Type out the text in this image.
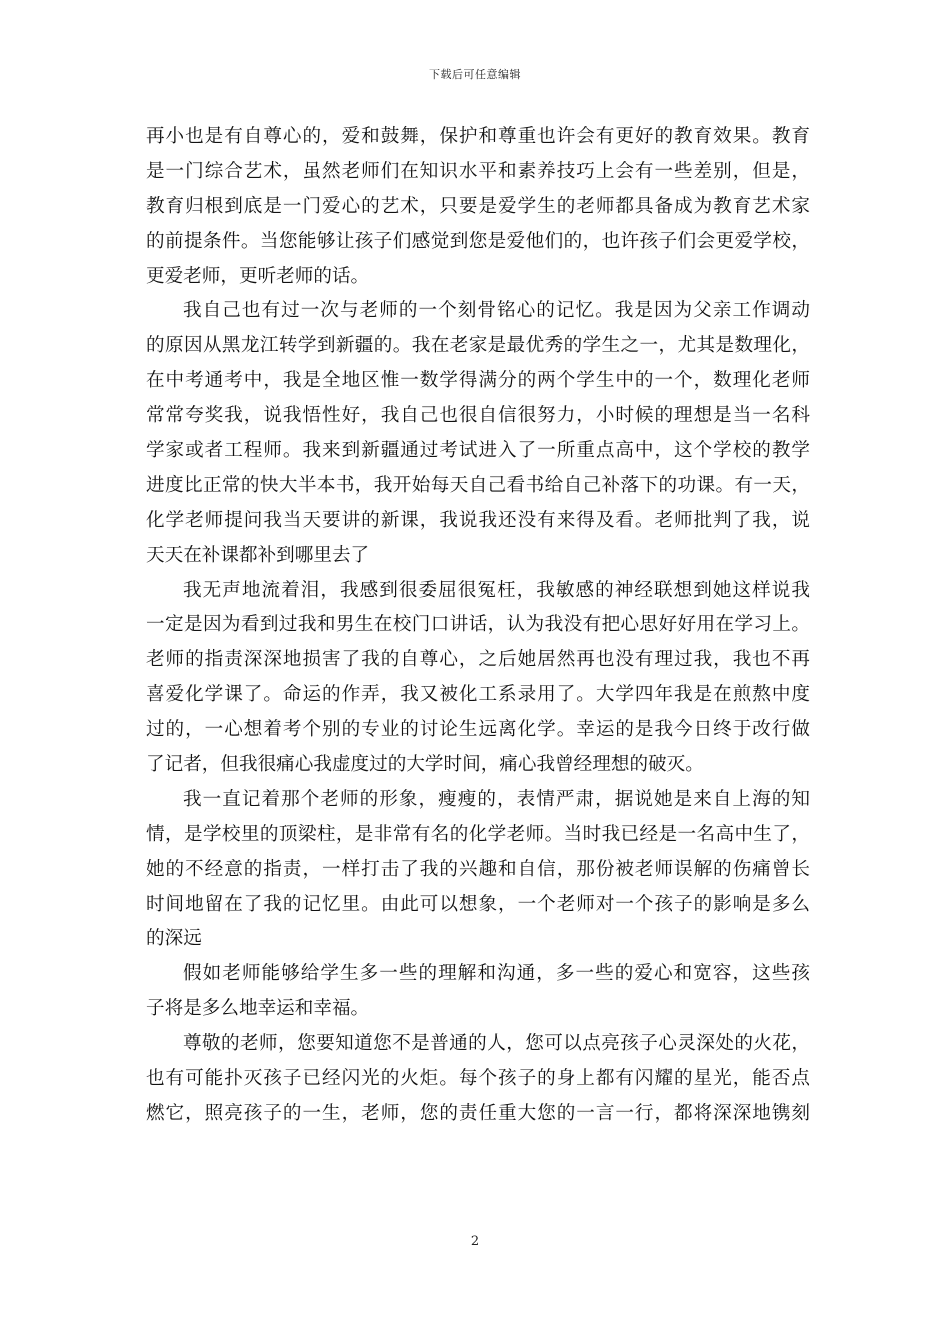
下载后可任意编辑
再小也是有自尊心的，爱和鼓舞，保护和尊重也许会有更好的教育效果。教育
是一门综合艺术，虽然老师们在知识水平和素养技巧上会有一些差别，但是，
教育归根到底是一门爱心的艺术，只要是爱学生的老师都具备成为教育艺术家
的前提条件。当您能够让孩子们感觉到您是爱他们的，也许孩子们会更爱学校，
更爱老师，更听老师的话。
我自己也有过一次与老师的一个刻骨铭心的记忆。我是因为父亲工作调动
的原因从黑龙江转学到新疆的。我在老家是最优秀的学生之一，尤其是数理化，
在中考通考中，我是全地区惟一数学得满分的两个学生中的一个，数理化老师
常常夸奖我，说我悟性好，我自己也很自信很努力，小时候的理想是当一名科
学家或者工程师。我来到新疆通过考试进入了一所重点高中，这个学校的教学
进度比正常的快大半本书，我开始每天自己看书给自己补落下的功课。有一天，
化学老师提问我当天要讲的新课，我说我还没有来得及看。老师批判了我，说
天天在补课都补到哪里去了
我无声地流着泪，我感到很委屈很冤枉，我敏感的神经联想到她这样说我
一定是因为看到过我和男生在校门口讲话，认为我没有把心思好好用在学习上。
老师的指责深深地损害了我的自尊心，之后她居然再也没有理过我，我也不再
喜爱化学课了。命运的作弄，我又被化工系录用了。大学四年我是在煎熬中度
过的，一心想着考个别的专业的讨论生远离化学。幸运的是我今日终于改行做
了记者，但我很痛心我虚度过的大学时间，痛心我曾经理想的破灭。
我一直记着那个老师的形象，瘦瘦的，表情严肃，据说她是来自上海的知
情，是学校里的顶梁柱，是非常有名的化学老师。当时我已经是一名高中生了，
她的不经意的指责，一样打击了我的兴趣和自信，那份被老师误解的伤痛曾长
时间地留在了我的记忆里。由此可以想象，一个老师对一个孩子的影响是多么
的深远
假如老师能够给学生多一些的理解和沟通，多一些的爱心和宽容，这些孩
子将是多么地幸运和幸福。
尊敬的老师，您要知道您不是普通的人，您可以点亮孩子心灵深处的火花，
也有可能扑灭孩子已经闪光的火炬。每个孩子的身上都有闪耀的星光，能否点
燃它，照亮孩子的一生，老师，您的责任重大您的一言一行，都将深深地镌刻
2
